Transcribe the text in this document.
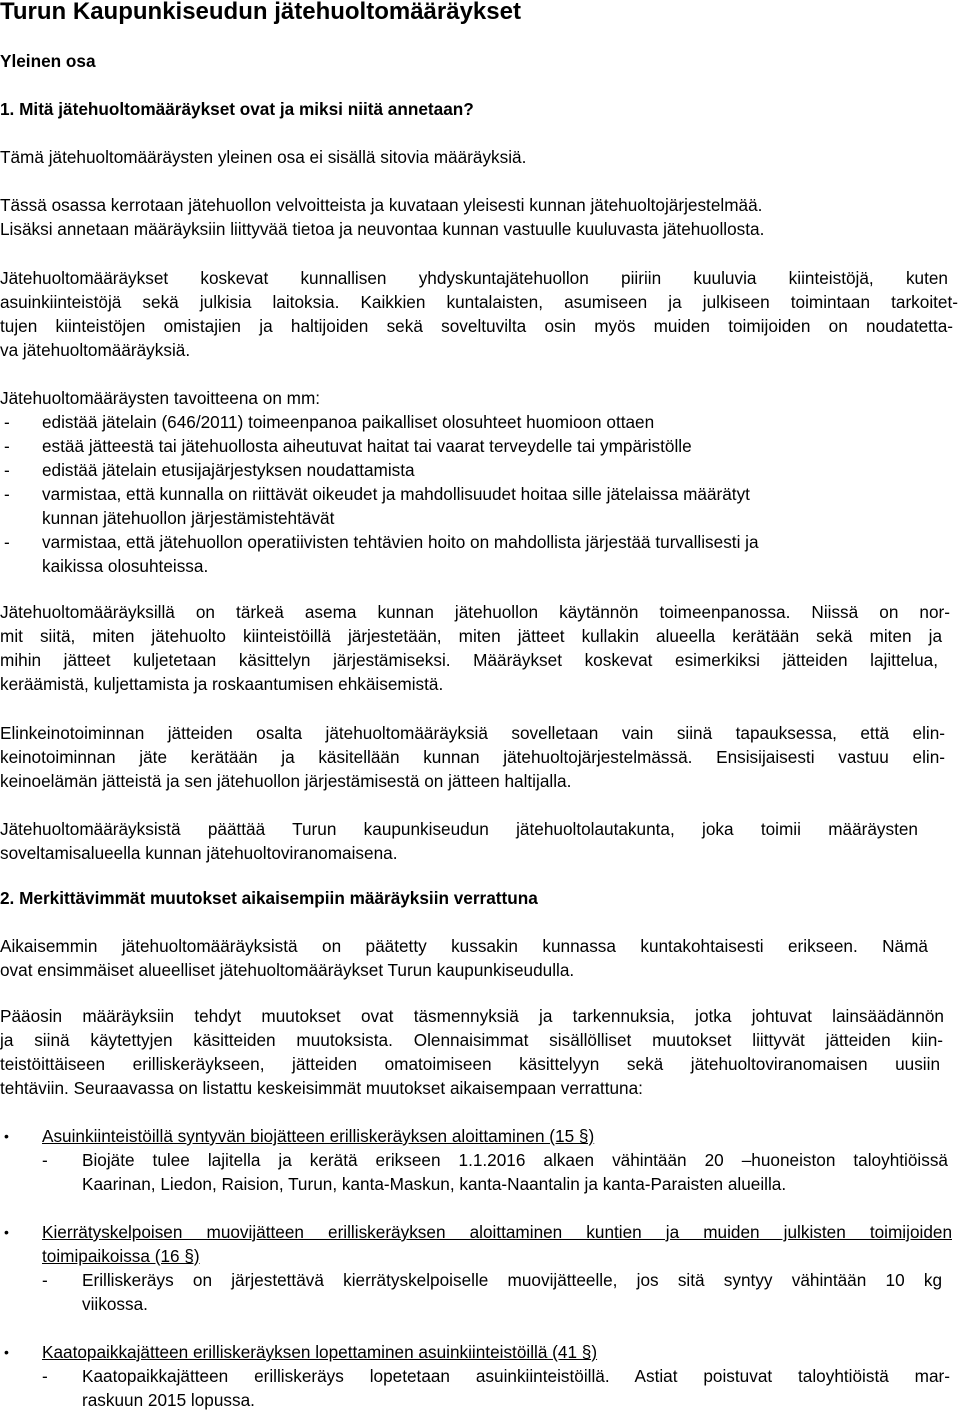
Turun Kaupunkiseudun jätehuoltomääräykset
Yleinen osa
1. Mitä jätehuoltomääräykset ovat ja miksi niitä annetaan?
Tämä jätehuoltomääräysten yleinen osa ei sisällä sitovia määräyksiä.
Tässä osassa kerrotaan jätehuollon velvoitteista ja kuvataan yleisesti kunnan jätehuoltojärjestelmää.
Lisäksi annetaan määräyksiin liittyvää tietoa ja neuvontaa kunnan vastuulle kuuluvasta jätehuollosta.
Jätehuoltomääräykset koskevat kunnallisen yhdyskuntajätehuollon piiriin kuuluvia kiinteistöjä, kuten
asuinkiinteistöjä sekä julkisia laitoksia. Kaikkien kuntalaisten, asumiseen ja julkiseen toimintaan tarkoitet-
tujen kiinteistöjen omistajien ja haltijoiden sekä soveltuvilta osin myös muiden toimijoiden on noudatetta-
va jätehuoltomääräyksiä.
Jätehuoltomääräysten tavoitteena on mm:
- edistää jätelain (646/2011) toimeenpanoa paikalliset olosuhteet huomioon ottaen
- estää jätteestä tai jätehuollosta aiheutuvat haitat tai vaarat terveydelle tai ympäristölle
- edistää jätelain etusijajärjestyksen noudattamista
- varmistaa, että kunnalla on riittävät oikeudet ja mahdollisuudet hoitaa sille jätelaissa määrätyt
kunnan jätehuollon järjestämistehtävät
- varmistaa, että jätehuollon operatiivisten tehtävien hoito on mahdollista järjestää turvallisesti ja
kaikissa olosuhteissa.
Jätehuoltomääräyksillä on tärkeä asema kunnan jätehuollon käytännön toimeenpanossa. Niissä on nor-
mit siitä, miten jätehuolto kiinteistöillä järjestetään, miten jätteet kullakin alueella kerätään sekä miten ja
mihin jätteet kuljetetaan käsittelyn järjestämiseksi. Määräykset koskevat esimerkiksi jätteiden lajittelua,
keräämistä, kuljettamista ja roskaantumisen ehkäisemistä.
Elinkeinotoiminnan jätteiden osalta jätehuoltomääräyksiä sovelletaan vain siinä tapauksessa, että elin-
keinotoiminnan jäte kerätään ja käsitellään kunnan jätehuoltojärjestelmässä. Ensisijaisesti vastuu elin-
keinoelämän jätteistä ja sen jätehuollon järjestämisestä on jätteen haltijalla.
Jätehuoltomääräyksistä päättää Turun kaupunkiseudun jätehuoltolautakunta, joka toimii määräysten
soveltamisalueella kunnan jätehuoltoviranomaisena.
2. Merkittävimmät muutokset aikaisempiin määräyksiin verrattuna
Aikaisemmin jätehuoltomääräyksistä on päätetty kussakin kunnassa kuntakohtaisesti erikseen. Nämä
ovat ensimmäiset alueelliset jätehuoltomääräykset Turun kaupunkiseudulla.
Pääosin määräyksiin tehdyt muutokset ovat täsmennyksiä ja tarkennuksia, jotka johtuvat lainsäädännön
ja siinä käytettyjen käsitteiden muutoksista. Olennaisimmat sisällölliset muutokset liittyvät jätteiden kiin-
teistöittäiseen erilliskeräykseen, jätteiden omatoimiseen käsittelyyn sekä jätehuoltoviranomaisen uusiin
tehtäviin. Seuraavassa on listattu keskeisimmät muutokset aikaisempaan verrattuna:
• Asuinkiinteistöillä syntyvän biojätteen erilliskeräyksen aloittaminen (15 §)
- Biojäte tulee lajitella ja kerätä erikseen 1.1.2016 alkaen vähintään 20 –huoneiston taloyhtiöissä
Kaarinan, Liedon, Raision, Turun, kanta-Maskun, kanta-Naantalin ja kanta-Paraisten alueilla.
• Kierrätyskelpoisen muovijätteen erilliskeräyksen aloittaminen kuntien ja muiden julkisten toimijoiden
toimipaikoissa (16 §)
- Erilliskeräys on järjestettävä kierrätyskelpoiselle muovijätteelle, jos sitä syntyy vähintään 10 kg
viikossa.
• Kaatopaikkajätteen erilliskeräyksen lopettaminen asuinkiinteistöillä (41 §)
- Kaatopaikkajätteen erilliskeräys lopetetaan asuinkiinteistöillä. Astiat poistuvat taloyhtiöistä mar-
raskuun 2015 lopussa.
